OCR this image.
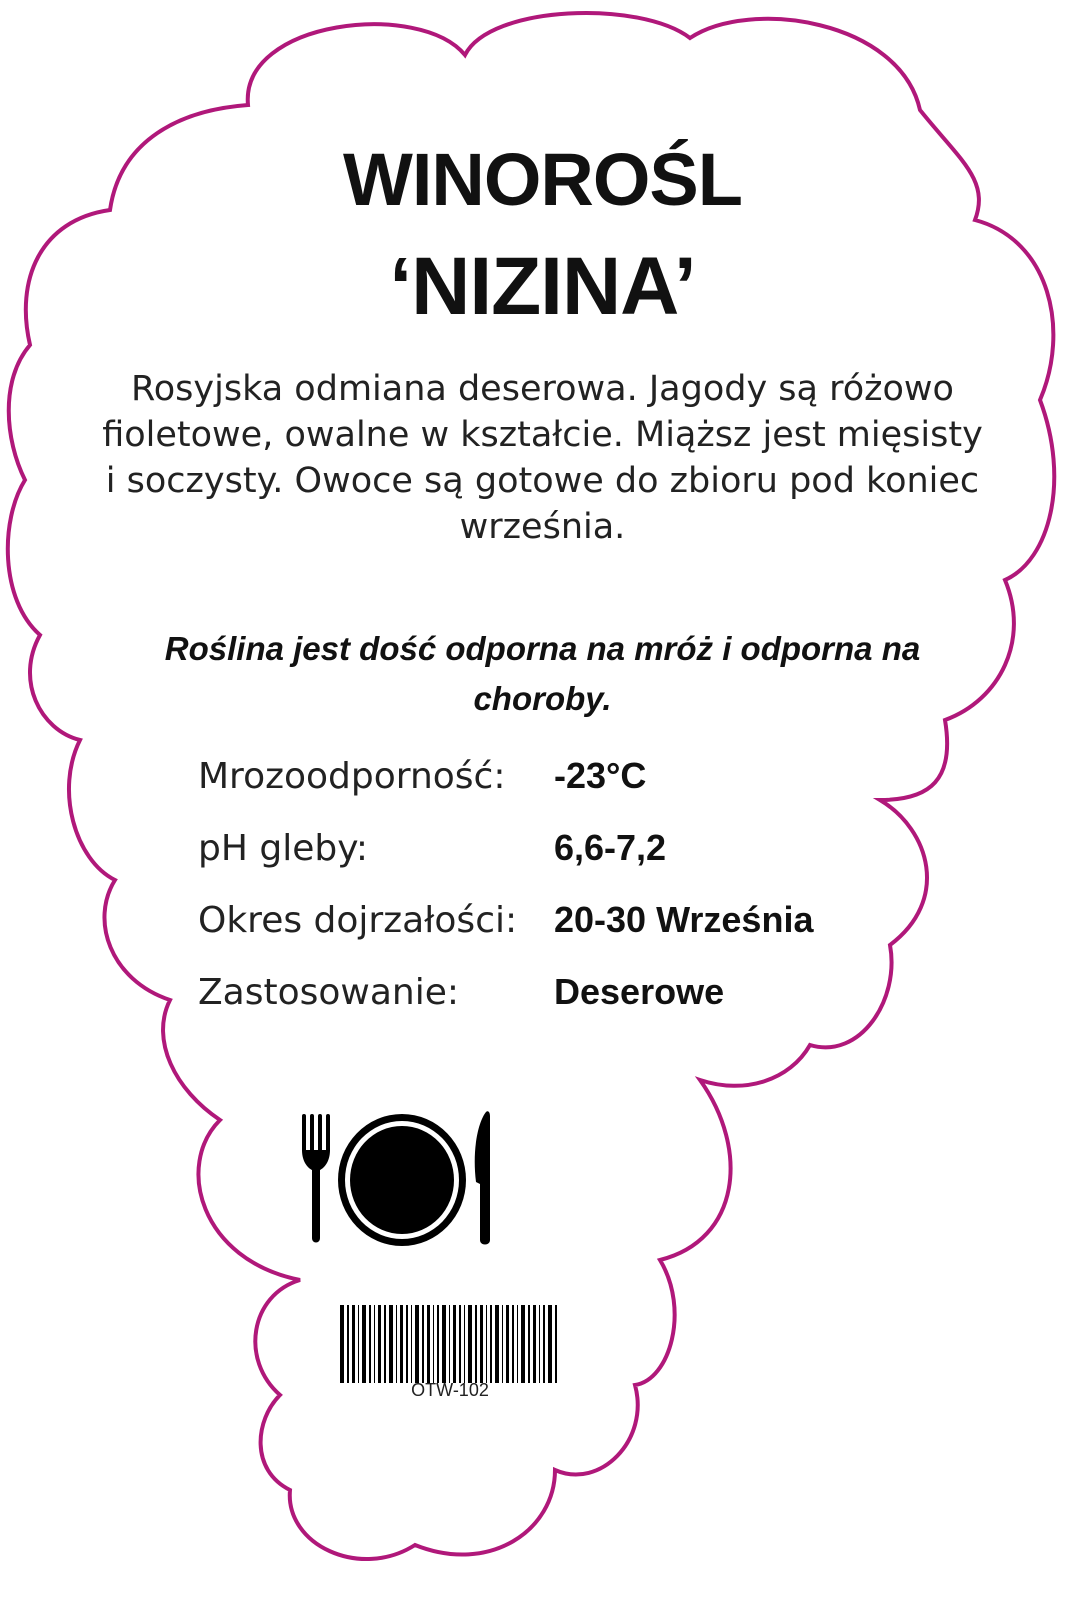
WINOROŚL
‘NIZINA’
Rosyjska odmiana deserowa. Jagody są różowo fioletowe, owalne w kształcie. Miąższ jest mięsisty i soczysty. Owoce są gotowe do zbioru pod koniec września.
Roślina jest dość odporna na mróż i odporna na choroby.
Mrozoodporność:	-23°C
pH gleby:	6,6-7,2
Okres dojrzałości:	20-30 Września
Zastosowanie:	Deserowe
OTW-102
